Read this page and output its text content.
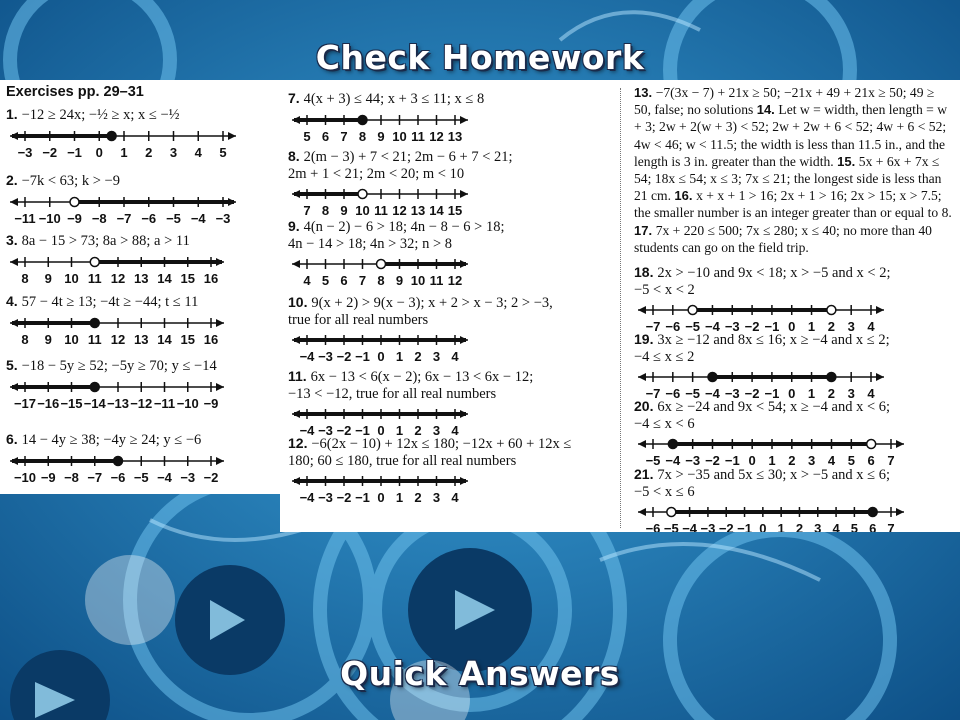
Check Homework
Exercises pp. 29–31
1. −12 ≥ 24x; −½ ≥ x; x ≤ −½
−3 −2 −1 0 1 2 3 4 5
2. −7k < 63; k > −9
−11 −10 −9 −8 −7 −6 −5 −4 −3
3. 8a − 15 > 73; 8a > 88; a > 11
8 9 10 11 12 13 14 15 16
4. 57 − 4t ≥ 13; −4t ≥ −44; t ≤ 11
8 9 10 11 12 13 14 15 16
5. −18 − 5y ≥ 52; −5y ≥ 70; y ≤ −14
−17 −16 −15 −14 −13 −12 −11 −10 −9
6. 14 − 4y ≥ 38; −4y ≥ 24; y ≤ −6
−10 −9 −8 −7 −6 −5 −4 −3 −2
7. 4(x + 3) ≤ 44; x + 3 ≤ 11; x ≤ 8
5 6 7 8 9 10 11 12 13
8. 2(m − 3) + 7 < 21; 2m − 6 + 7 < 21;
2m + 1 < 21; 2m < 20; m < 10
7 8 9 10 11 12 13 14 15
9. 4(n − 2) − 6 > 18; 4n − 8 − 6 > 18;
4n − 14 > 18; 4n > 32; n > 8
4 5 6 7 8 9 10 11 12
10. 9(x + 2) > 9(x − 3); x + 2 > x − 3; 2 > −3,
true for all real numbers
−4 −3 −2 −1 0 1 2 3 4
11. 6x − 13 < 6(x − 2); 6x − 13 < 6x − 12;
−13 < −12, true for all real numbers
−4 −3 −2 −1 0 1 2 3 4
12. −6(2x − 10) + 12x ≤ 180; −12x + 60 + 12x ≤
180; 60 ≤ 180, true for all real numbers
−4 −3 −2 −1 0 1 2 3 4
13. −7(3x − 7) + 21x ≥ 50; −21x + 49 + 21x ≥ 50; 49 ≥ 50, false; no solutions 14. Let w = width, then length = w + 3; 2w + 2(w + 3) < 52; 2w + 2w + 6 < 52; 4w + 6 < 52; 4w < 46; w < 11.5; the width is less than 11.5 in., and the length is 3 in. greater than the width. 15. 5x + 6x + 7x ≤ 54; 18x ≤ 54; x ≤ 3; 7x ≤ 21; the longest side is less than 21 cm. 16. x + x + 1 > 16; 2x + 1 > 16; 2x > 15; x > 7.5; the smaller number is an integer greater than or equal to 8. 17. 7x + 220 ≤ 500; 7x ≤ 280; x ≤ 40; no more than 40 students can go on the field trip.
18. 2x > −10 and 9x < 18; x > −5 and x < 2;
−5 < x < 2
−7 −6 −5 −4 −3 −2 −1 0 1 2 3 4
19. 3x ≥ −12 and 8x ≤ 16; x ≥ −4 and x ≤ 2;
−4 ≤ x ≤ 2
−7 −6 −5 −4 −3 −2 −1 0 1 2 3 4
20. 6x ≥ −24 and 9x < 54; x ≥ −4 and x < 6;
−4 ≤ x < 6
−5 −4 −3 −2 −1 0 1 2 3 4 5 6 7
21. 7x > −35 and 5x ≤ 30; x > −5 and x ≤ 6;
−5 < x ≤ 6
−6 −5 −4 −3 −2 −1 0 1 2 3 4 5 6 7
Quick Answers
